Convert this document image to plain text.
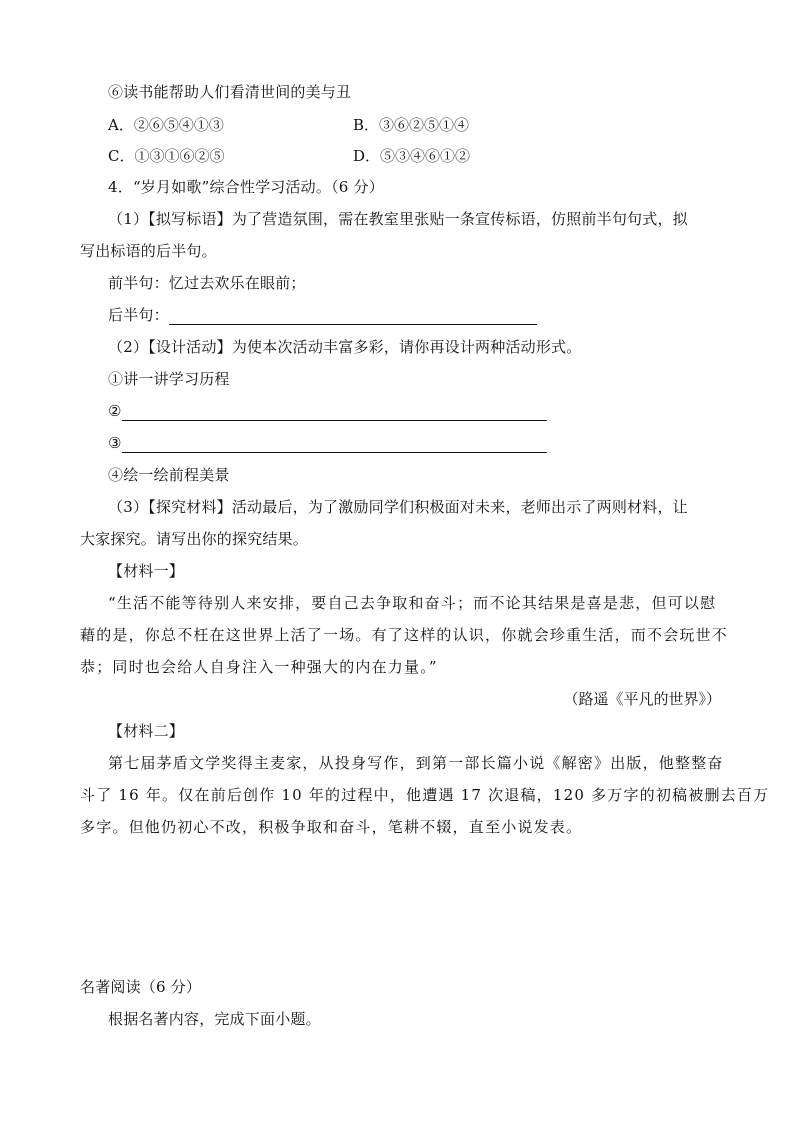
⑥读书能帮助人们看清世间的美与丑
A．②⑥⑤④①③	B．③⑥②⑤①④
C．①③①⑥②⑤	D．⑤③④⑥①②
4．“岁月如歌”综合性学习活动。（6 分）
（1）【拟写标语】为了营造氛围，需在教室里张贴一条宣传标语，仿照前半句句式，拟
写出标语的后半句。
前半句：忆过去欢乐在眼前；
后半句：
（2）【设计活动】为使本次活动丰富多彩，请你再设计两种活动形式。
①讲一讲学习历程
②
③
④绘一绘前程美景
（3）【探究材料】活动最后，为了激励同学们积极面对未来，老师出示了两则材料，让
大家探究。请写出你的探究结果。
【材料一】
“生活不能等待别人来安排，要自己去争取和奋斗；而不论其结果是喜是悲，但可以慰
藉的是，你总不枉在这世界上活了一场。有了这样的认识，你就会珍重生活，而不会玩世不
恭；同时也会给人自身注入一种强大的内在力量。”
（路遥《平凡的世界》）
【材料二】
第七届茅盾文学奖得主麦家，从投身写作，到第一部长篇小说《解密》出版，他整整奋
斗了 16 年。仅在前后创作 10 年的过程中，他遭遇 17 次退稿，120 多万字的初稿被删去百万
多字。但他仍初心不改，积极争取和奋斗，笔耕不辍，直至小说发表。
名著阅读（6 分）
根据名著内容，完成下面小题。
